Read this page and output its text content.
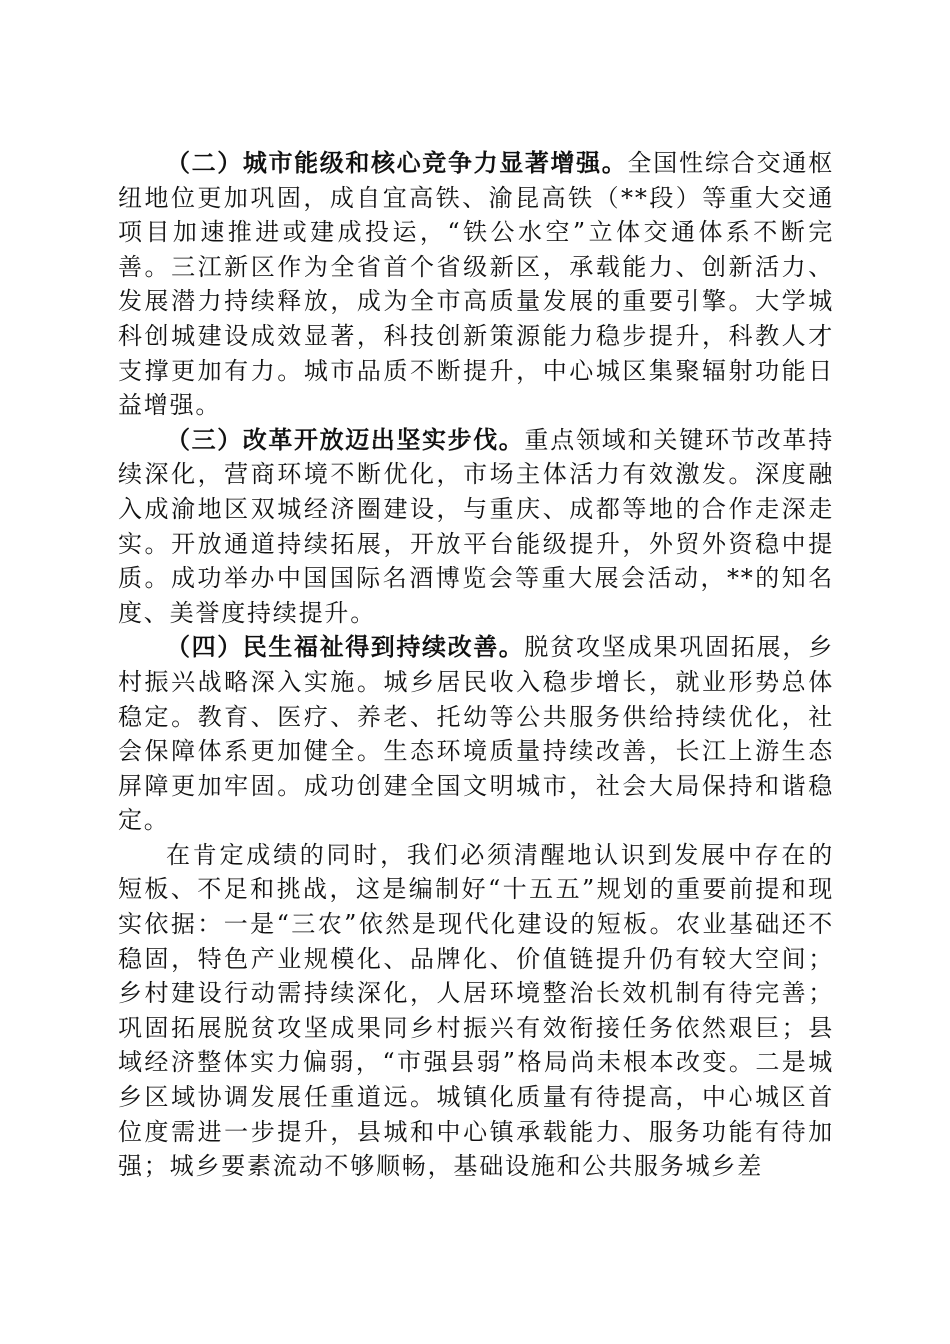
（二）城市能级和核心竞争力显著增强。全国性综合交通枢纽地位更加巩固，成自宜高铁、渝昆高铁（**段）等重大交通项目加速推进或建成投运，“铁公水空”立体交通体系不断完善。三江新区作为全省首个省级新区，承载能力、创新活力、发展潜力持续释放，成为全市高质量发展的重要引擎。大学城科创城建设成效显著，科技创新策源能力稳步提升，科教人才支撑更加有力。城市品质不断提升，中心城区集聚辐射功能日益增强。

（三）改革开放迈出坚实步伐。重点领域和关键环节改革持续深化，营商环境不断优化，市场主体活力有效激发。深度融入成渝地区双城经济圈建设，与重庆、成都等地的合作走深走实。开放通道持续拓展，开放平台能级提升，外贸外资稳中提质。成功举办中国国际名酒博览会等重大展会活动，**的知名度、美誉度持续提升。

（四）民生福祉得到持续改善。脱贫攻坚成果巩固拓展，乡村振兴战略深入实施。城乡居民收入稳步增长，就业形势总体稳定。教育、医疗、养老、托幼等公共服务供给持续优化，社会保障体系更加健全。生态环境质量持续改善，长江上游生态屏障更加牢固。成功创建全国文明城市，社会大局保持和谐稳定。

在肯定成绩的同时，我们必须清醒地认识到发展中存在的短板、不足和挑战，这是编制好“十五五”规划的重要前提和现实依据：一是“三农”依然是现代化建设的短板。农业基础还不稳固，特色产业规模化、品牌化、价值链提升仍有较大空间；乡村建设行动需持续深化，人居环境整治长效机制有待完善；巩固拓展脱贫攻坚成果同乡村振兴有效衔接任务依然艰巨；县域经济整体实力偏弱，“市强县弱”格局尚未根本改变。二是城乡区域协调发展任重道远。城镇化质量有待提高，中心城区首位度需进一步提升，县城和中心镇承载能力、服务功能有待加强；城乡要素流动不够顺畅，基础设施和公共服务城乡差
